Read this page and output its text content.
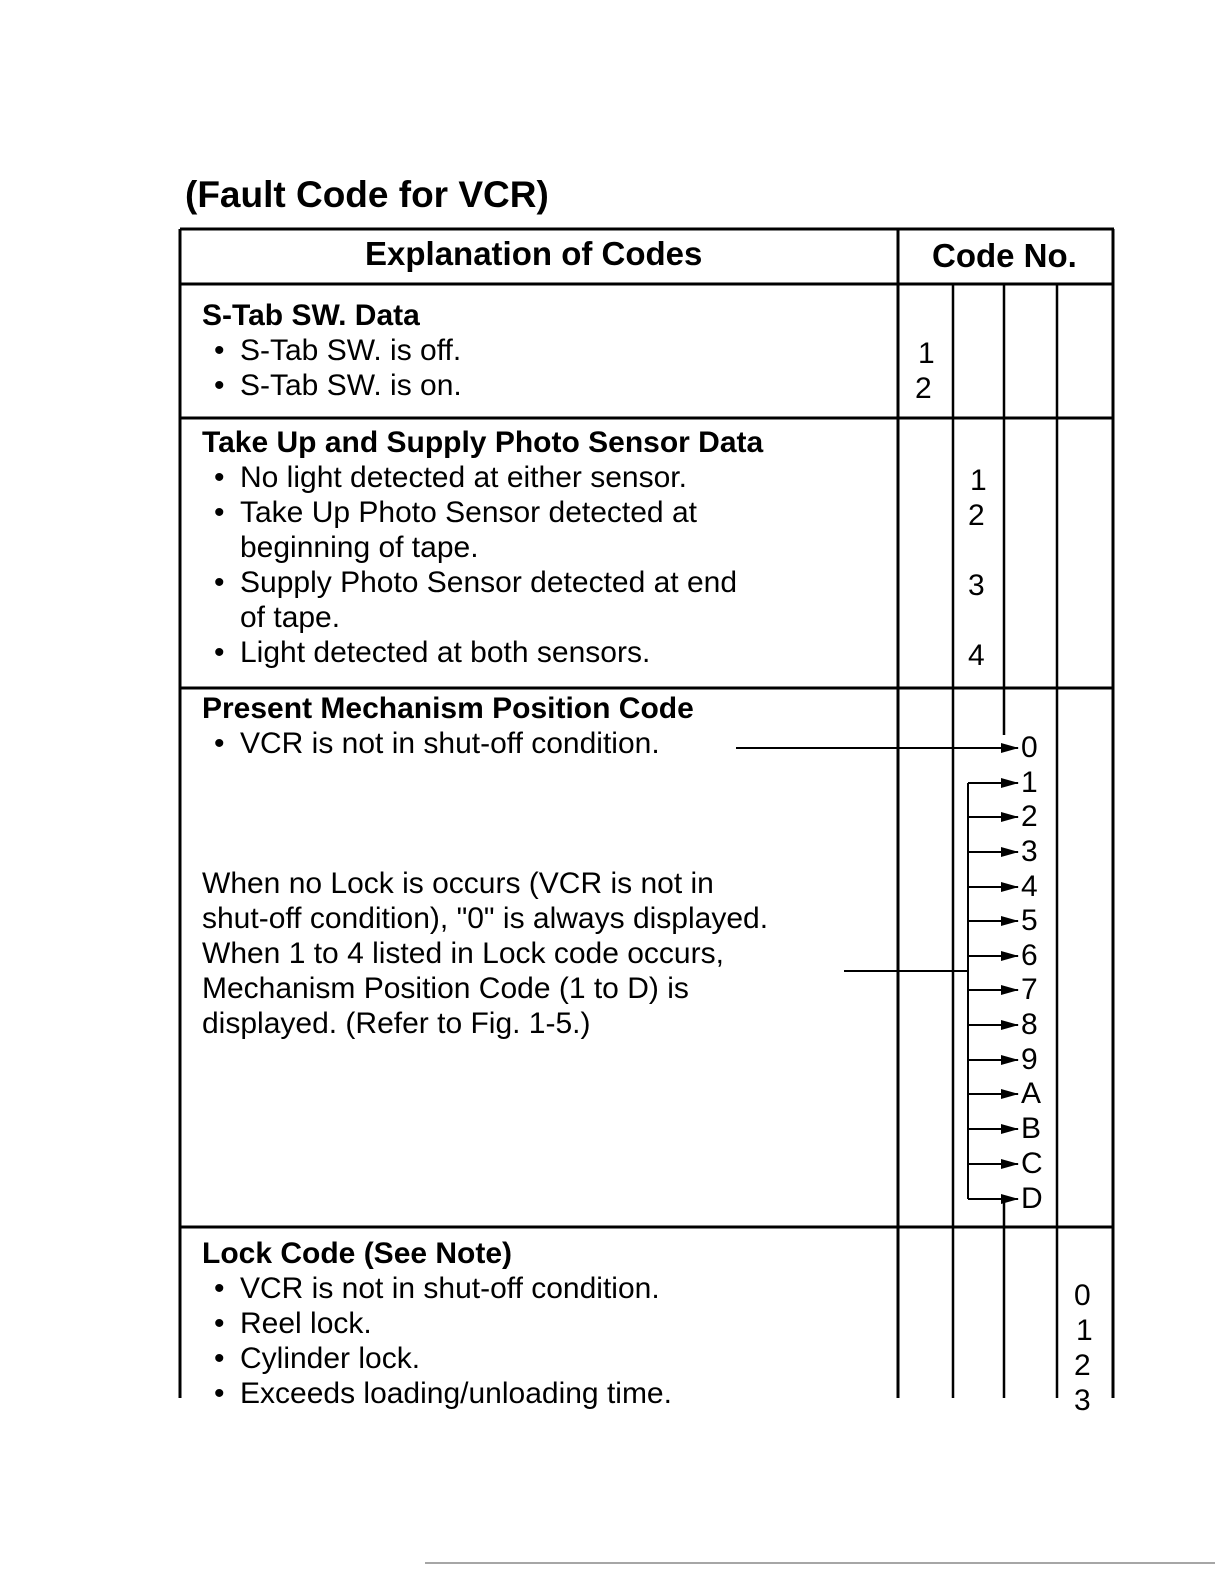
(Fault Code for VCR)
Explanation of Codes	Code No.
S-Tab SW. Data
• S-Tab SW. is off.
• S-Tab SW. is on.
1
2
Take Up and Supply Photo Sensor Data
• No light detected at either sensor.
• Take Up Photo Sensor detected at
beginning of tape.
• Supply Photo Sensor detected at end
of tape.
• Light detected at both sensors.
1
2
3
4
Present Mechanism Position Code
• VCR is not in shut-off condition.
When no Lock is occurs (VCR is not in
shut-off condition), "0" is always displayed.
When 1 to 4 listed in Lock code occurs,
Mechanism Position Code (1 to D) is
displayed. (Refer to Fig. 1-5.)
0
1
2
3
4
5
6
7
8
9
A
B
C
D
Lock Code (See Note)
• VCR is not in shut-off condition.
• Reel lock.
• Cylinder lock.
• Exceeds loading/unloading time.
0
1
2
3
